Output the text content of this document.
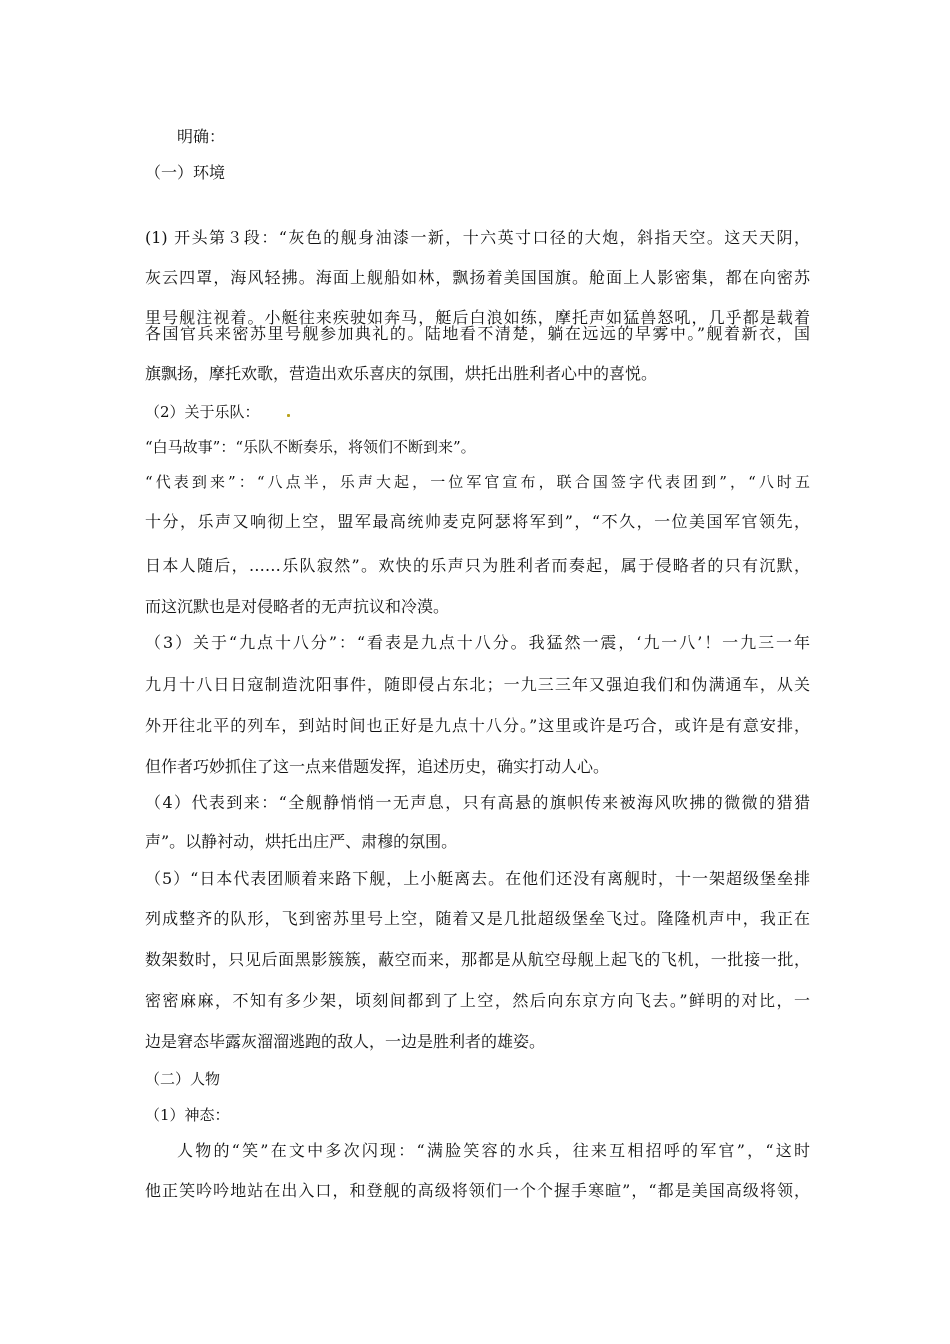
明确：
（一）环境
(1) 开头第３段：“灰色的舰身油漆一新，十六英寸口径的大炮，斜指天空。这天天阴，
灰云四罩，海风轻拂。海面上舰船如林，飘扬着美国国旗。舱面上人影密集，都在向密苏
里号舰注视着。小艇往来疾驶如奔马，艇后白浪如练，摩托声如猛兽怒吼，几乎都是载着
各国官兵来密苏里号舰参加典礼的。陆地看不清楚，躺在远远的早雾中。”舰着新衣，国
旗飘扬，摩托欢歌，营造出欢乐喜庆的氛围，烘托出胜利者心中的喜悦。
（2）关于乐队：
“白马故事”：“乐队不断奏乐，将领们不断到来”。
“代表到来”：“八点半，乐声大起，一位军官宣布，联合国签字代表团到”，“八时五
十分，乐声又响彻上空，盟军最高统帅麦克阿瑟将军到”，“不久，一位美国军官领先，
日本人随后，……乐队寂然”。欢快的乐声只为胜利者而奏起，属于侵略者的只有沉默，
而这沉默也是对侵略者的无声抗议和冷漠。
（3）关于“九点十八分”：“看表是九点十八分。我猛然一震，‘九一八’！一九三一年
九月十八日日寇制造沈阳事件，随即侵占东北；一九三三年又强迫我们和伪满通车，从关
外开往北平的列车，到站时间也正好是九点十八分。”这里或许是巧合，或许是有意安排，
但作者巧妙抓住了这一点来借题发挥，追述历史，确实打动人心。
（4）代表到来：“全舰静悄悄一无声息，只有高悬的旗帜传来被海风吹拂的微微的猎猎
声”。以静衬动，烘托出庄严、肃穆的氛围。
（5）“日本代表团顺着来路下舰，上小艇离去。在他们还没有离舰时，十一架超级堡垒排
列成整齐的队形，飞到密苏里号上空，随着又是几批超级堡垒飞过。隆隆机声中，我正在
数架数时，只见后面黑影簇簇，蔽空而来，那都是从航空母舰上起飞的飞机，一批接一批，
密密麻麻，不知有多少架，顷刻间都到了上空，然后向东京方向飞去。”鲜明的对比，一
边是窘态毕露灰溜溜逃跑的敌人，一边是胜利者的雄姿。
（二）人物
（1）神态：
人物的“笑”在文中多次闪现：“满脸笑容的水兵，往来互相招呼的军官”，“这时
他正笑吟吟地站在出入口，和登舰的高级将领们一个个握手寒暄”，“都是美国高级将领，
